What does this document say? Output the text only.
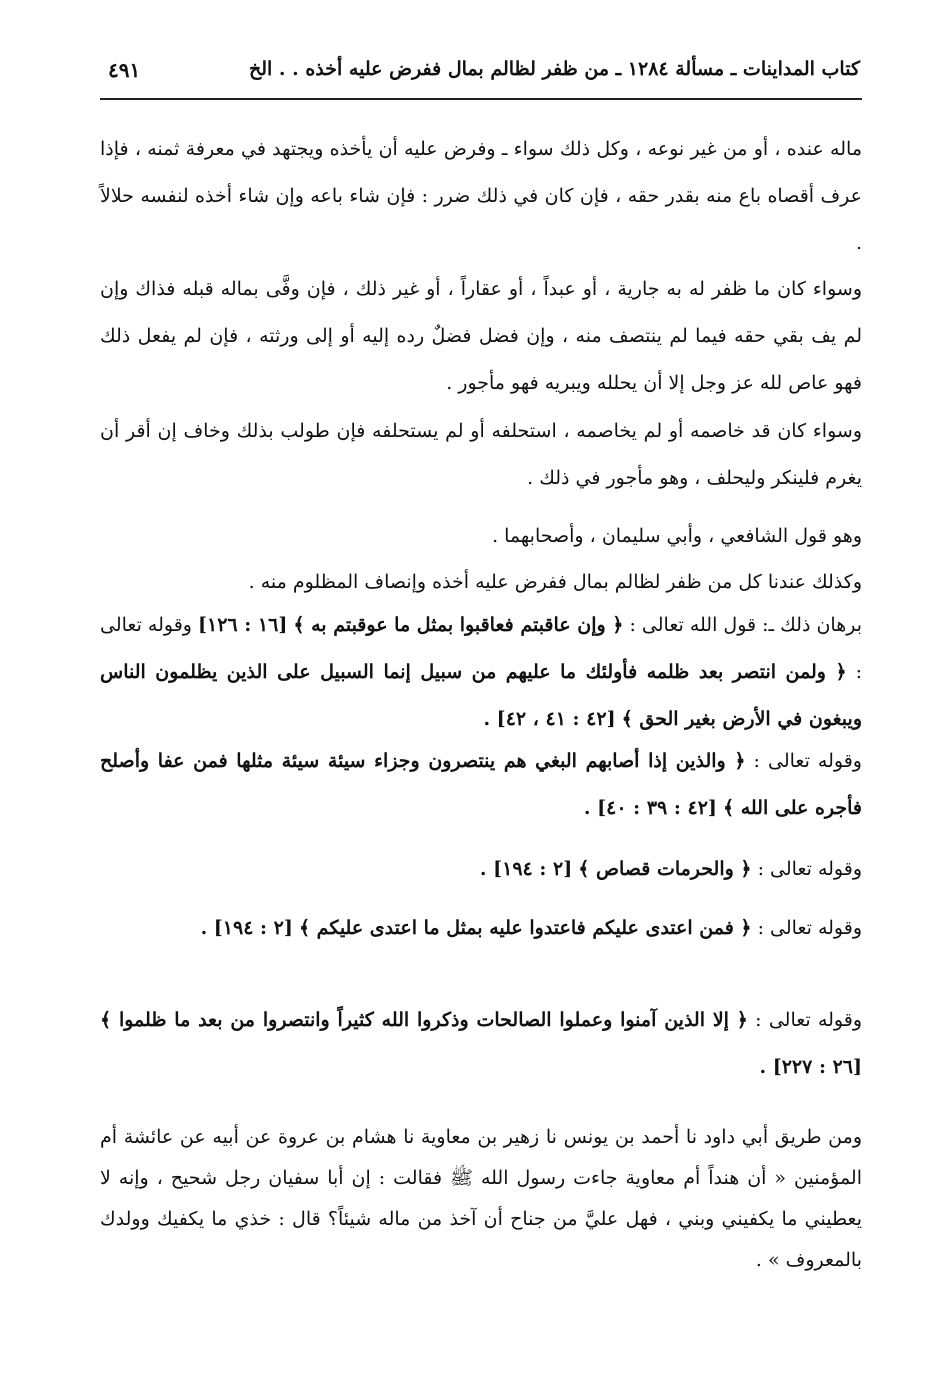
كتاب المداينات ـ مسألة ١٢٨٤ ـ من ظفر لظالم بمال ففرض عليه أخذه . . الخ
٤٩١

ماله عنده ، أو من غير نوعه ، وكل ذلك سواء ـ وفرض عليه أن يأخذه ويجتهد في معرفة ثمنه ، فإذا عرف أقصاه باع منه بقدر حقه ، فإن كان في ذلك ضرر : فإن شاء باعه وإن شاء أخذه لنفسه حلالاً .

وسواء كان ما ظفر له به جارية ، أو عبداً ، أو عقاراً ، أو غير ذلك ، فإن وفَّى بماله قبله فذاك وإن لم يف بقي حقه فيما لم ينتصف منه ، وإن فضل فضلٌ رده إليه أو إلى ورثته ، فإن لم يفعل ذلك فهو عاص لله عز وجل إلا أن يحلله ويبريه فهو مأجور .

وسواء كان قد خاصمه أو لم يخاصمه ، استحلفه أو لم يستحلفه فإن طولب بذلك وخاف إن أقر أن يغرم فلينكر وليحلف ، وهو مأجور في ذلك .

وهو قول الشافعي ، وأبي سليمان ، وأصحابهما .

وكذلك عندنا كل من ظفر لظالم بمال ففرض عليه أخذه وإنصاف المظلوم منه .

برهان ذلك ـ: قول الله تعالى : ﴿ وإن عاقبتم فعاقبوا بمثل ما عوقبتم به ﴾ [١٦ : ١٢٦] وقوله تعالى : ﴿ ولمن انتصر بعد ظلمه فأولئك ما عليهم من سبيل إنما السبيل على الذين يظلمون الناس ويبغون في الأرض بغير الحق ﴾ [٤٢ : ٤١ ، ٤٢] .

وقوله تعالى : ﴿ والذين إذا أصابهم البغي هم ينتصرون وجزاء سيئة سيئة مثلها فمن عفا وأصلح فأجره على الله ﴾ [٤٢ : ٣٩ : ٤٠] .

وقوله تعالى : ﴿ والحرمات قصاص ﴾ [٢ : ١٩٤] .

وقوله تعالى : ﴿ فمن اعتدى عليكم فاعتدوا عليه بمثل ما اعتدى عليكم ﴾ [٢ : ١٩٤] .

وقوله تعالى : ﴿ إلا الذين آمنوا وعملوا الصالحات وذكروا الله كثيراً وانتصروا من بعد ما ظلموا ﴾ [٢٦ : ٢٢٧] .

ومن طريق أبي داود نا أحمد بن يونس نا زهير بن معاوية نا هشام بن عروة عن أبيه عن عائشة أم المؤمنين « أن هنداً أم معاوية جاءت رسول الله ﷺ فقالت : إن أبا سفيان رجل شحيح ، وإنه لا يعطيني ما يكفيني وبني ، فهل عليَّ من جناح أن آخذ من ماله شيئاً؟ قال : خذي ما يكفيك وولدك بالمعروف » .
